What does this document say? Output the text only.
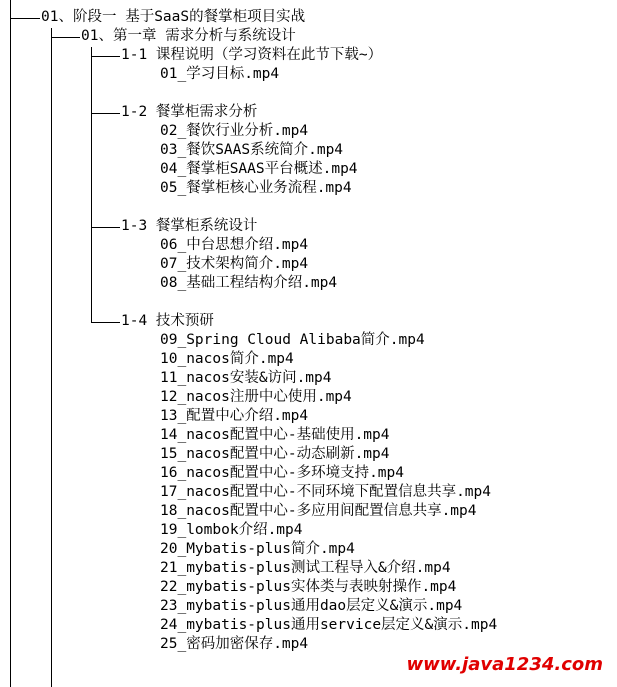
01、阶段一 基于SaaS的餐掌柜项目实战
01、第一章 需求分析与系统设计
1-1 课程说明（学习资料在此节下载~）
01_学习目标.mp4
1-2 餐掌柜需求分析
02_餐饮行业分析.mp4
03_餐饮SAAS系统简介.mp4
04_餐掌柜SAAS平台概述.mp4
05_餐掌柜核心业务流程.mp4
1-3 餐掌柜系统设计
06_中台思想介绍.mp4
07_技术架构简介.mp4
08_基础工程结构介绍.mp4
1-4 技术预研
09_Spring Cloud Alibaba简介.mp4
10_nacos简介.mp4
11_nacos安装&访问.mp4
12_nacos注册中心使用.mp4
13_配置中心介绍.mp4
14_nacos配置中心-基础使用.mp4
15_nacos配置中心-动态刷新.mp4
16_nacos配置中心-多环境支持.mp4
17_nacos配置中心-不同环境下配置信息共享.mp4
18_nacos配置中心-多应用间配置信息共享.mp4
19_lombok介绍.mp4
20_Mybatis-plus简介.mp4
21_mybatis-plus测试工程导入&介绍.mp4
22_mybatis-plus实体类与表映射操作.mp4
23_mybatis-plus通用dao层定义&演示.mp4
24_mybatis-plus通用service层定义&演示.mp4
25_密码加密保存.mp4
www.java1234.com
